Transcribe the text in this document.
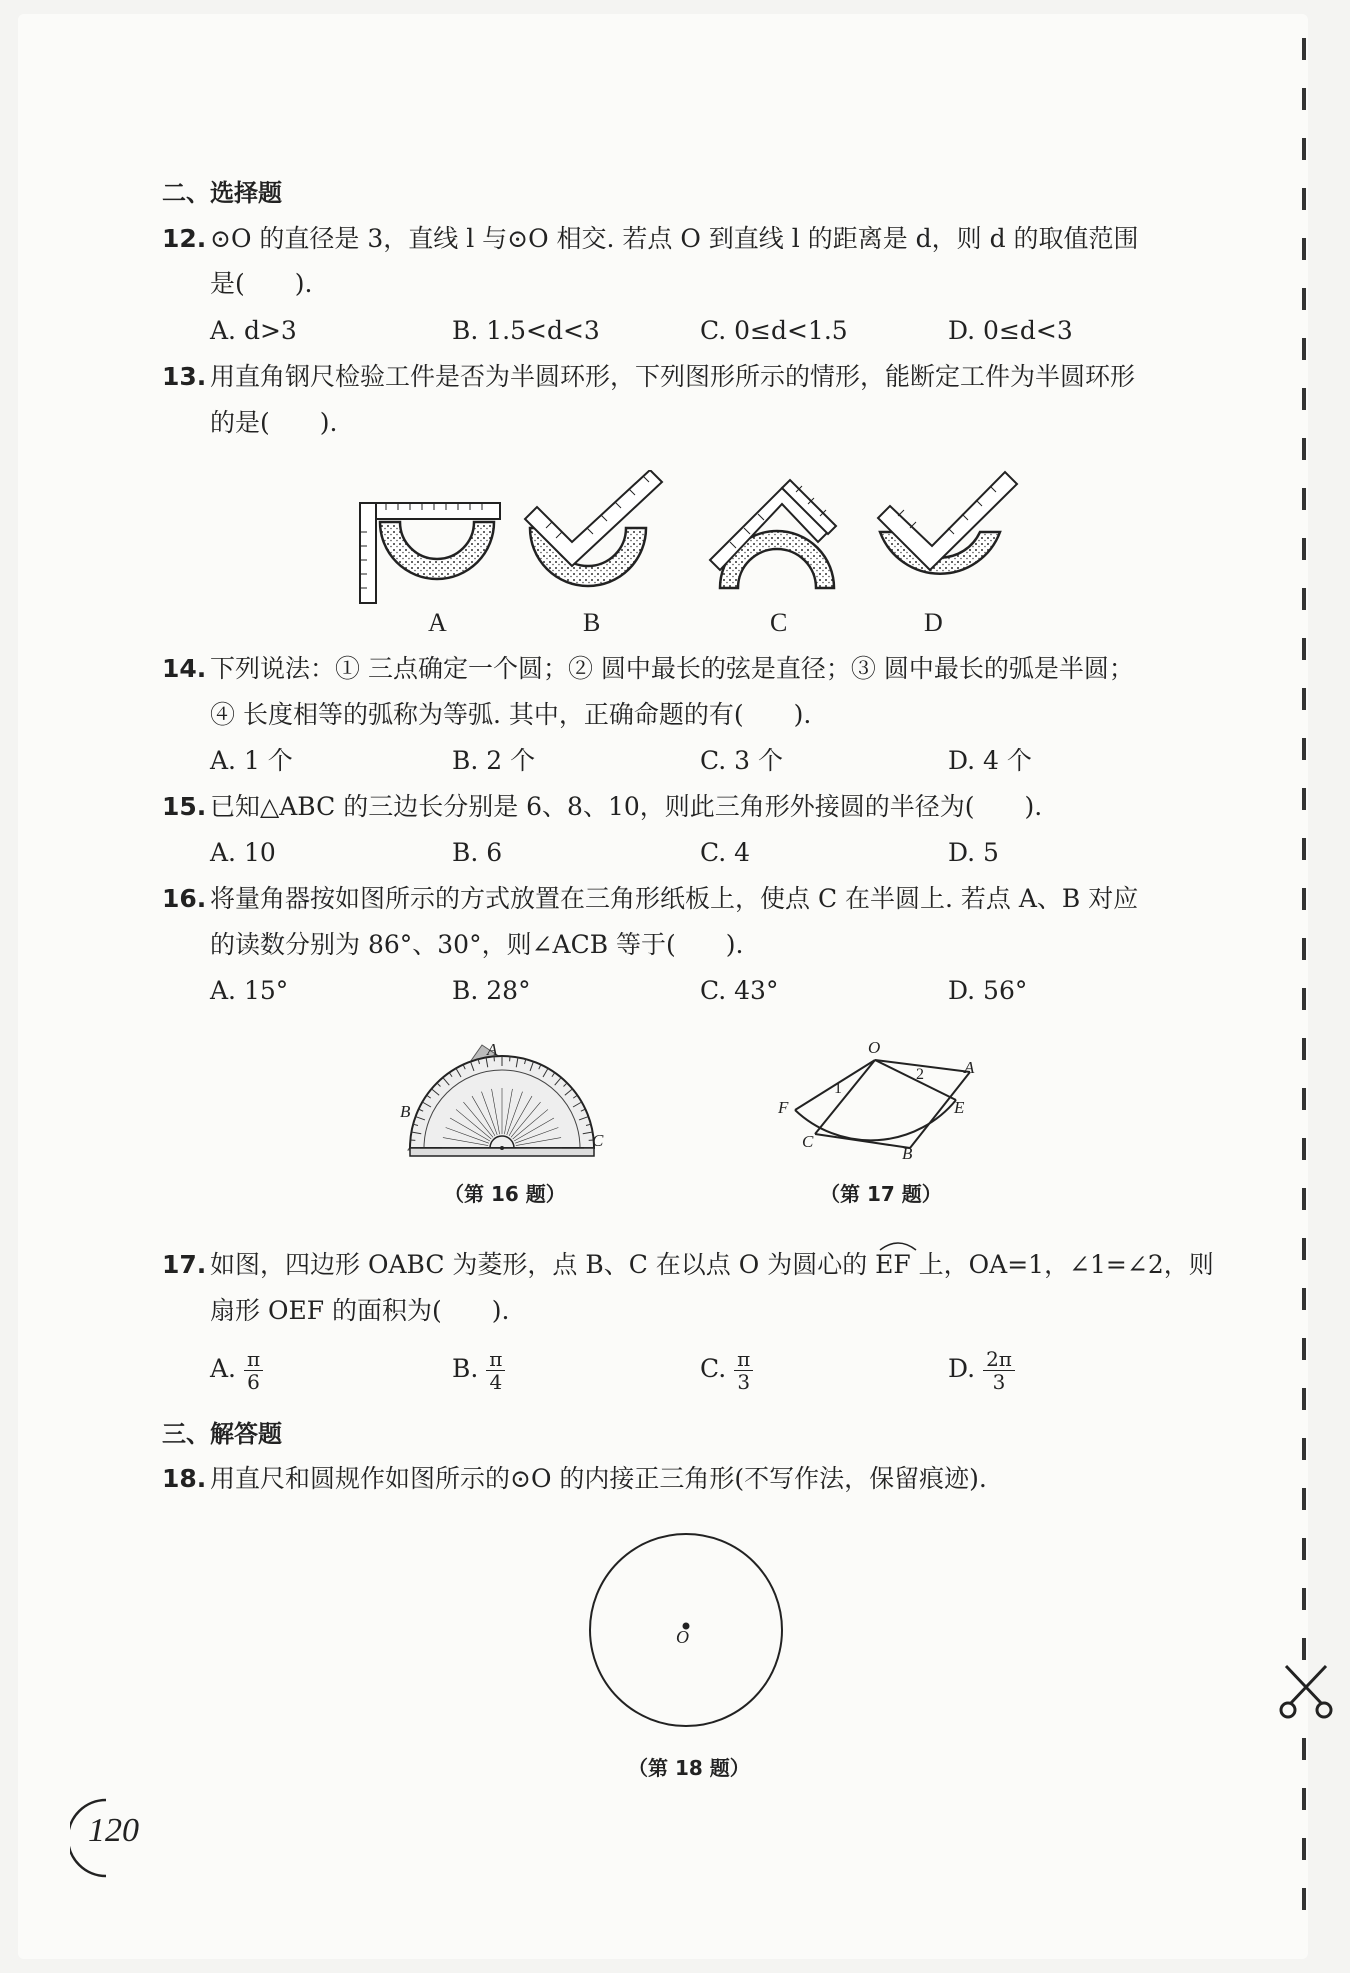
二、选择题
12. ⊙O 的直径是 3，直线 l 与⊙O 相交. 若点 O 到直线 l 的距离是 d，则 d 的取值范围
是(　　).
A. d>3	B. 1.5<d<3	C. 0≤d<1.5	D. 0≤d<3
13. 用直角钢尺检验工件是否为半圆环形，下列图形所示的情形，能断定工件为半圆环形
的是(　　).
A	B	C	D
14. 下列说法：① 三点确定一个圆；② 圆中最长的弦是直径；③ 圆中最长的弧是半圆；
④ 长度相等的弧称为等弧. 其中，正确命题的有(　　).
A. 1 个	B. 2 个	C. 3 个	D. 4 个
15. 已知△ABC 的三边长分别是 6、8、10，则此三角形外接圆的半径为(　　).
A. 10	B. 6	C. 4	D. 5
16. 将量角器按如图所示的方式放置在三角形纸板上，使点 C 在半圆上. 若点 A、B 对应
的读数分别为 86°、30°，则∠ACB 等于(　　).
A. 15°	B. 28°	C. 43°	D. 56°
A
B
C
（第 16 题）
O
A
E
B
C
F
1
2
（第 17 题）
17. 如图，四边形 OABC 为菱形，点 B、C 在以点 O 为圆心的 EF 上，OA=1，∠1=∠2，则
扇形 OEF 的面积为(　　).
A. $\frac{\pi}{6}$	B. $\frac{\pi}{4}$	C. $\frac{\pi}{3}$	D. $\frac{2\pi}{3}$
三、解答题
18. 用直尺和圆规作如图所示的⊙O 的内接正三角形(不写作法，保留痕迹).
O
（第 18 题）
120
